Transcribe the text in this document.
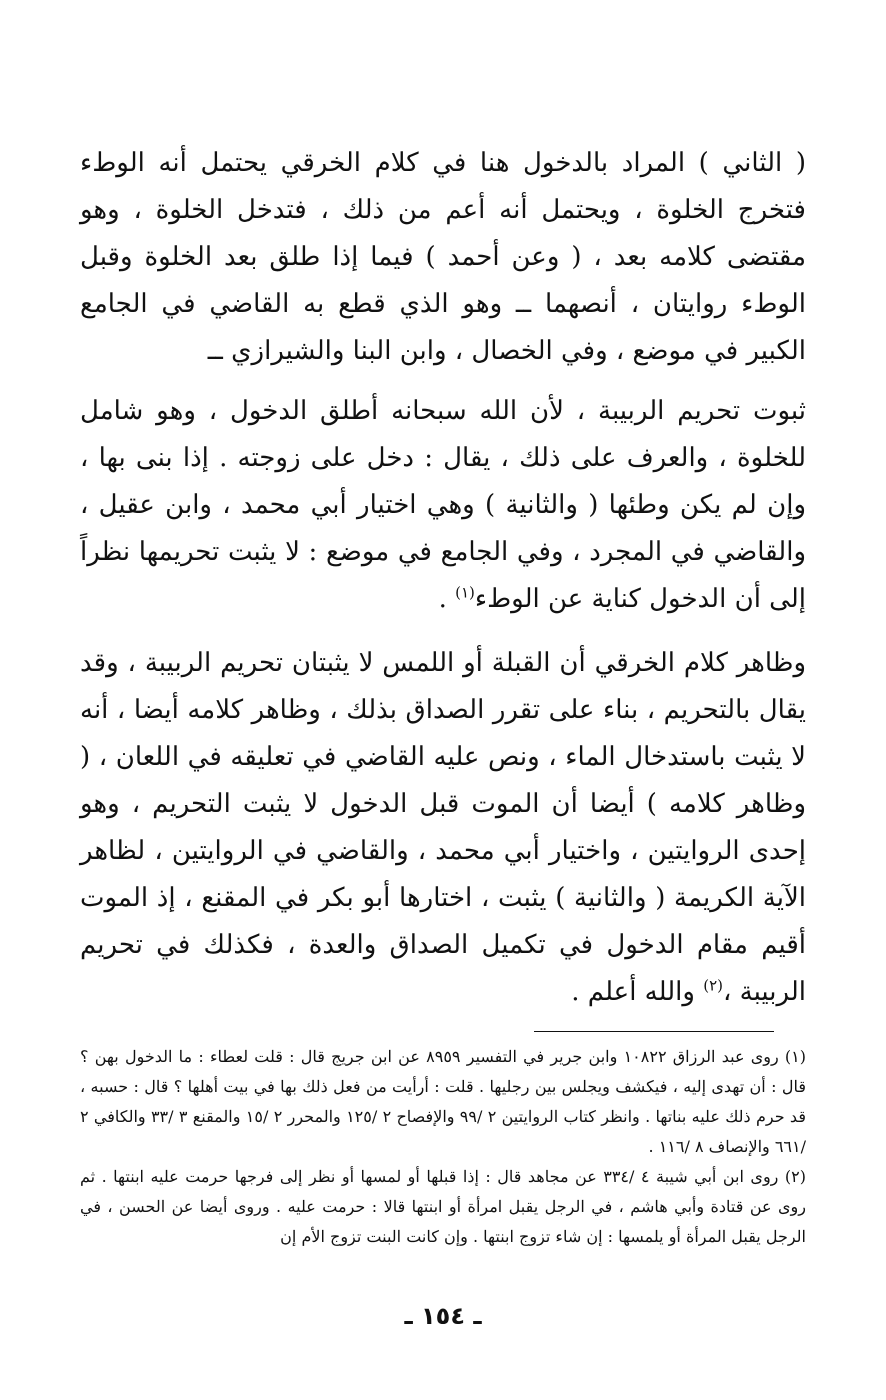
( الثاني ) المراد بالدخول هنا في كلام الخرقي يحتمل أنه الوطء فتخرج الخلوة ، ويحتمل أنه أعم من ذلك ، فتدخل الخلوة ، وهو مقتضى كلامه بعد ، ( وعن أحمد ) فيما إذا طلق بعد الخلوة وقبل الوطء روايتان ، أنصهما ــ وهو الذي قطع به القاضي في الجامع الكبير في موضع ، وفي الخصال ، وابن البنا والشيرازي ــ

ثبوت تحريم الربيبة ، لأن الله سبحانه أطلق الدخول ، وهو شامل للخلوة ، والعرف على ذلك ، يقال : دخل على زوجته . إذا بنى بها ، وإن لم يكن وطئها ( والثانية ) وهي اختيار أبي محمد ، وابن عقيل ، والقاضي في المجرد ، وفي الجامع في موضع : لا يثبت تحريمها نظراً إلى أن الدخول كناية عن الوطء$^{(١)}$ .

وظاهر كلام الخرقي أن القبلة أو اللمس لا يثبتان تحريم الربيبة ، وقد يقال بالتحريم ، بناء على تقرر الصداق بذلك ، وظاهر كلامه أيضا ، أنه لا يثبت باستدخال الماء ، ونص عليه القاضي في تعليقه في اللعان ، ( وظاهر كلامه ) أيضا أن الموت قبل الدخول لا يثبت التحريم ، وهو إحدى الروايتين ، واختيار أبي محمد ، والقاضي في الروايتين ، لظاهر الآية الكريمة ( والثانية ) يثبت ، اختارها أبو بكر في المقنع ، إذ الموت أقيم مقام الدخول في تكميل الصداق والعدة ، فكذلك في تحريم الربيبة ،$^{(٢)}$ والله أعلم .

(١) روى عبد الرزاق ١٠٨٢٢ وابن جرير في التفسير ٨٩٥٩ عن ابن جريج قال : قلت لعطاء : ما الدخول بهن ؟ قال : أن تهدى إليه ، فيكشف ويجلس بين رجليها . قلت : أرأيت من فعل ذلك بها في بيت أهلها ؟ قال : حسبه ، قد حرم ذلك عليه بناتها . وانظر كتاب الروايتين ٢ /٩٩ والإفصاح ٢ /١٢٥ والمحرر ٢ /١٥ والمقنع ٣ /٣٣ والكافي ٢ /٦٦١ والإنصاف ٨ /١١٦ .

(٢) روى ابن أبي شيبة ٤ /٣٣٤ عن مجاهد قال : إذا قبلها أو لمسها أو نظر إلى فرجها حرمت عليه ابنتها . ثم روى عن قتادة وأبي هاشم ، في الرجل يقبل امرأة أو ابنتها قالا : حرمت عليه . وروى أيضا عن الحسن ، في الرجل يقبل المرأة أو يلمسها : إن شاء تزوج ابنتها . وإن كانت البنت تزوج الأم إن

ـ ١٥٤ ـ
